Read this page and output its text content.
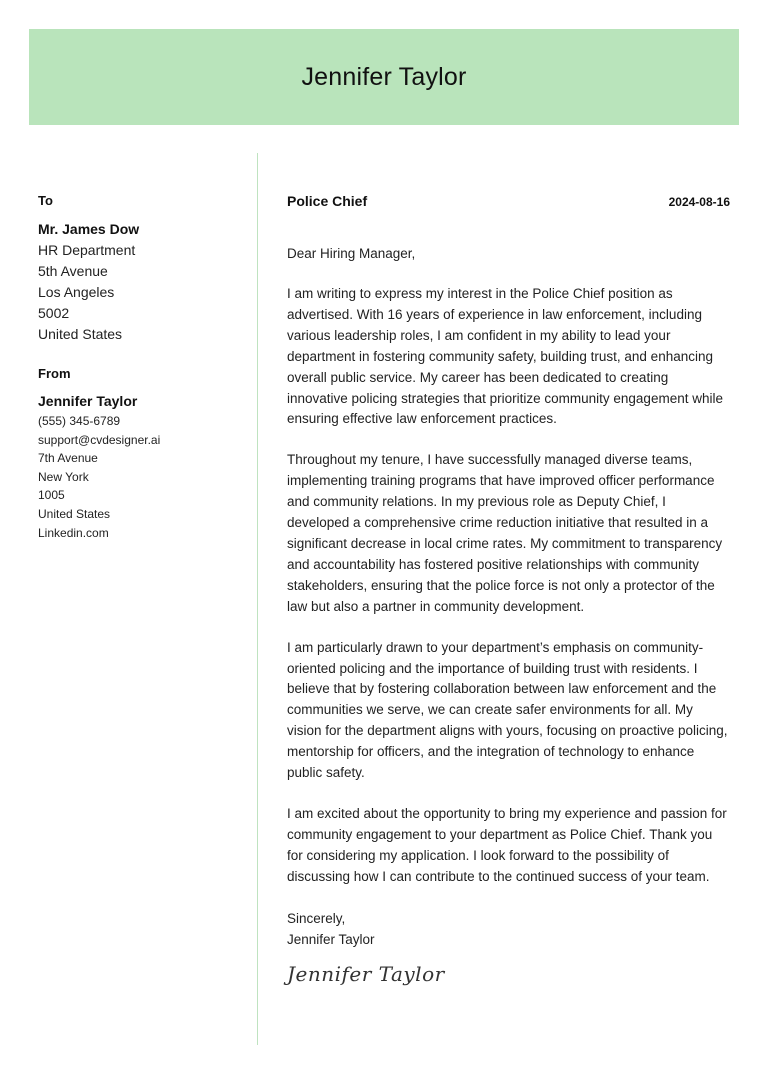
Jennifer Taylor
To
Mr. James Dow
HR Department
5th Avenue
Los Angeles
5002
United States
From
Jennifer Taylor
(555) 345-6789
support@cvdesigner.ai
7th Avenue
New York
1005
United States
Linkedin.com
Police Chief	2024-08-16
Dear Hiring Manager,

I am writing to express my interest in the Police Chief position as advertised. With 16 years of experience in law enforcement, including various leadership roles, I am confident in my ability to lead your department in fostering community safety, building trust, and enhancing overall public service. My career has been dedicated to creating innovative policing strategies that prioritize community engagement while ensuring effective law enforcement practices.

Throughout my tenure, I have successfully managed diverse teams, implementing training programs that have improved officer performance and community relations. In my previous role as Deputy Chief, I developed a comprehensive crime reduction initiative that resulted in a significant decrease in local crime rates. My commitment to transparency and accountability has fostered positive relationships with community stakeholders, ensuring that the police force is not only a protector of the law but also a partner in community development.

I am particularly drawn to your department’s emphasis on community-oriented policing and the importance of building trust with residents. I believe that by fostering collaboration between law enforcement and the communities we serve, we can create safer environments for all. My vision for the department aligns with yours, focusing on proactive policing, mentorship for officers, and the integration of technology to enhance public safety.

I am excited about the opportunity to bring my experience and passion for community engagement to your department as Police Chief. Thank you for considering my application. I look forward to the possibility of discussing how I can contribute to the continued success of your team.

Sincerely,
Jennifer Taylor
Jennifer Taylor
